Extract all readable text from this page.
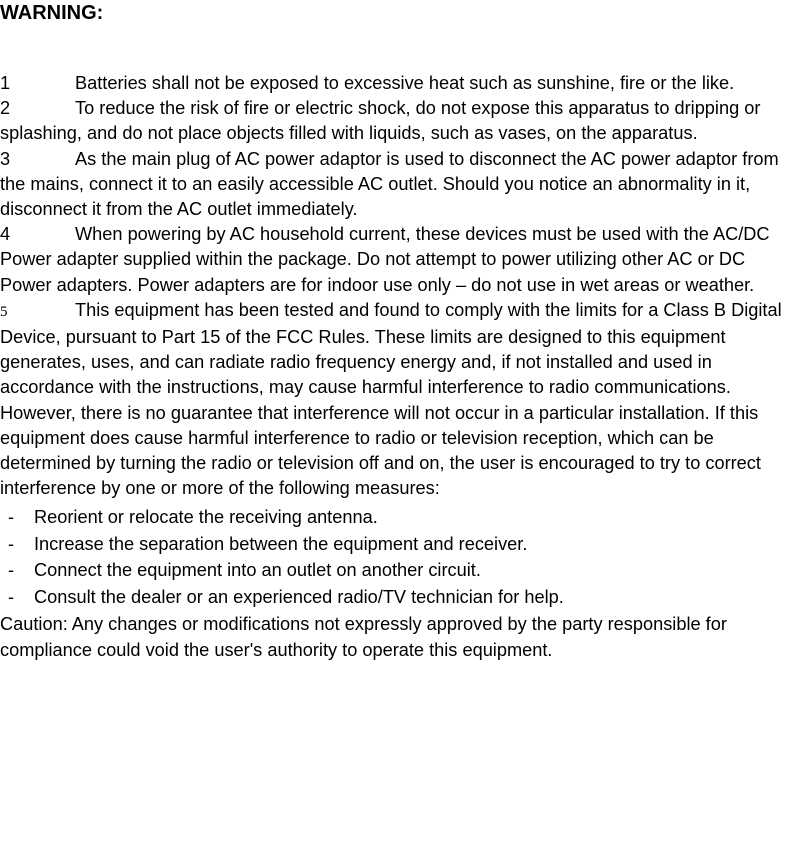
WARNING:

1	Batteries shall not be exposed to excessive heat such as sunshine, fire or the like.

2	To reduce the risk of fire or electric shock, do not expose this apparatus to dripping or splashing, and do not place objects filled with liquids, such as vases, on the apparatus.

3	As the main plug of AC power adaptor is used to disconnect the AC power adaptor from the mains, connect it to an easily accessible AC outlet. Should you notice an abnormality in it, disconnect it from the AC outlet immediately.

4	When powering by AC household current, these devices must be used with the AC/DC Power adapter supplied within the package. Do not attempt to power utilizing other AC or DC Power adapters. Power adapters are for indoor use only – do not use in wet areas or weather.

5	This equipment has been tested and found to comply with the limits for a Class B Digital Device, pursuant to Part 15 of the FCC Rules. These limits are designed to this equipment generates, uses, and can radiate radio frequency energy and, if not installed and used in accordance with the instructions, may cause harmful interference to radio communications. However, there is no guarantee that interference will not occur in a particular installation. If this equipment does cause harmful interference to radio or television reception, which can be determined by turning the radio or television off and on, the user is encouraged to try to correct interference by one or more of the following measures:

- Reorient or relocate the receiving antenna.
- Increase the separation between the equipment and receiver.
- Connect the equipment into an outlet on another circuit.
- Consult the dealer or an experienced radio/TV technician for help.

Caution: Any changes or modifications not expressly approved by the party responsible for compliance could void the user's authority to operate this equipment.
